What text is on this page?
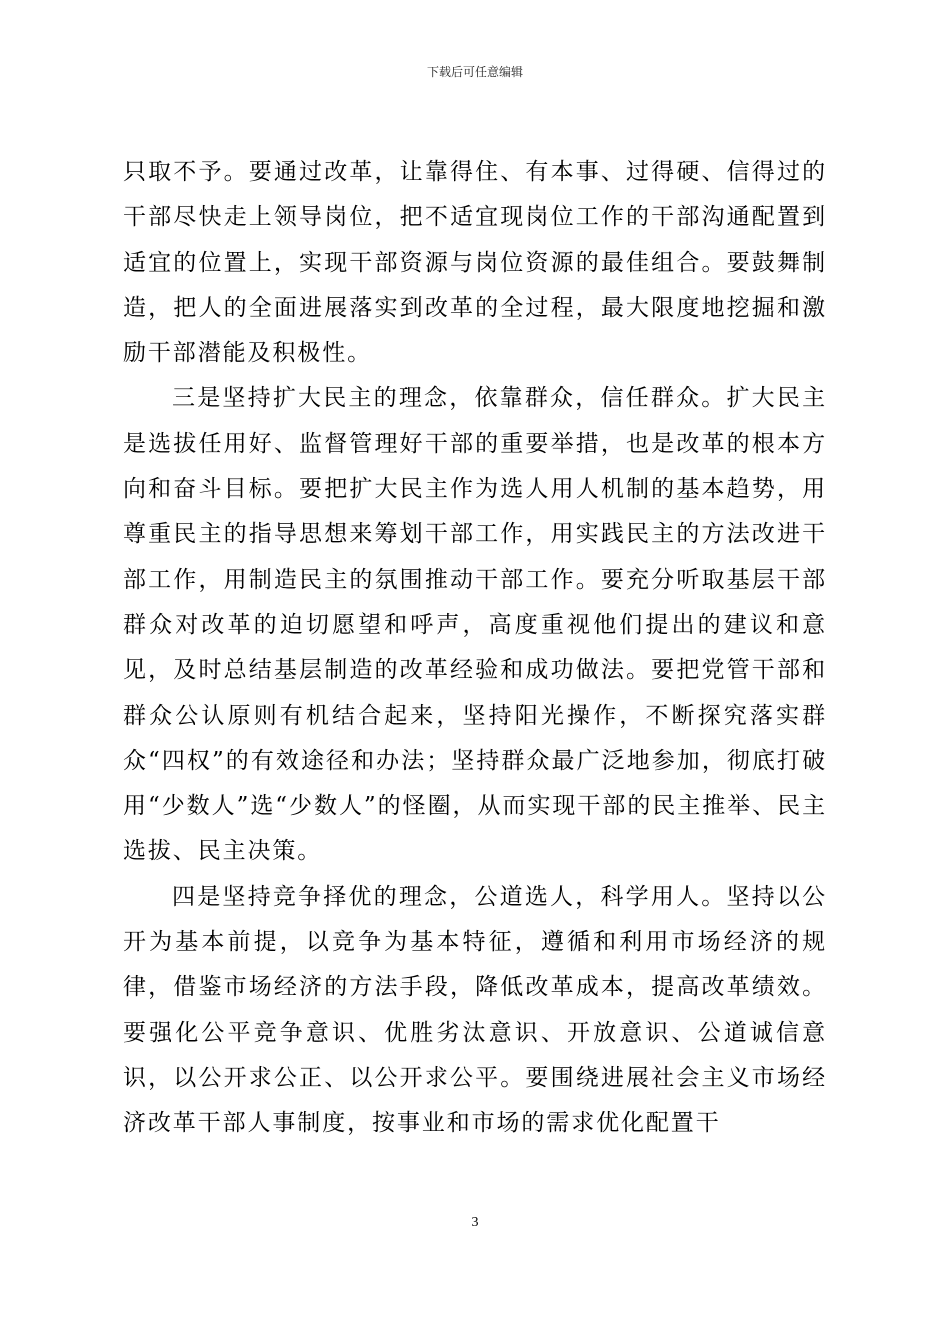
下载后可任意编辑

只取不予。要通过改革，让靠得住、有本事、过得硬、信得过的干部尽快走上领导岗位，把不适宜现岗位工作的干部沟通配置到适宜的位置上，实现干部资源与岗位资源的最佳组合。要鼓舞制造，把人的全面进展落实到改革的全过程，最大限度地挖掘和激励干部潜能及积极性。

三是坚持扩大民主的理念，依靠群众，信任群众。扩大民主是选拔任用好、监督管理好干部的重要举措，也是改革的根本方向和奋斗目标。要把扩大民主作为选人用人机制的基本趋势，用尊重民主的指导思想来筹划干部工作，用实践民主的方法改进干部工作，用制造民主的氛围推动干部工作。要充分听取基层干部群众对改革的迫切愿望和呼声，高度重视他们提出的建议和意见，及时总结基层制造的改革经验和成功做法。要把党管干部和群众公认原则有机结合起来，坚持阳光操作，不断探究落实群众“四权”的有效途径和办法；坚持群众最广泛地参加，彻底打破用“少数人”选“少数人”的怪圈，从而实现干部的民主推举、民主选拔、民主决策。

四是坚持竞争择优的理念，公道选人，科学用人。坚持以公开为基本前提，以竞争为基本特征，遵循和利用市场经济的规律，借鉴市场经济的方法手段，降低改革成本，提高改革绩效。要强化公平竞争意识、优胜劣汰意识、开放意识、公道诚信意识，以公开求公正、以公开求公平。要围绕进展社会主义市场经济改革干部人事制度，按事业和市场的需求优化配置干

3
